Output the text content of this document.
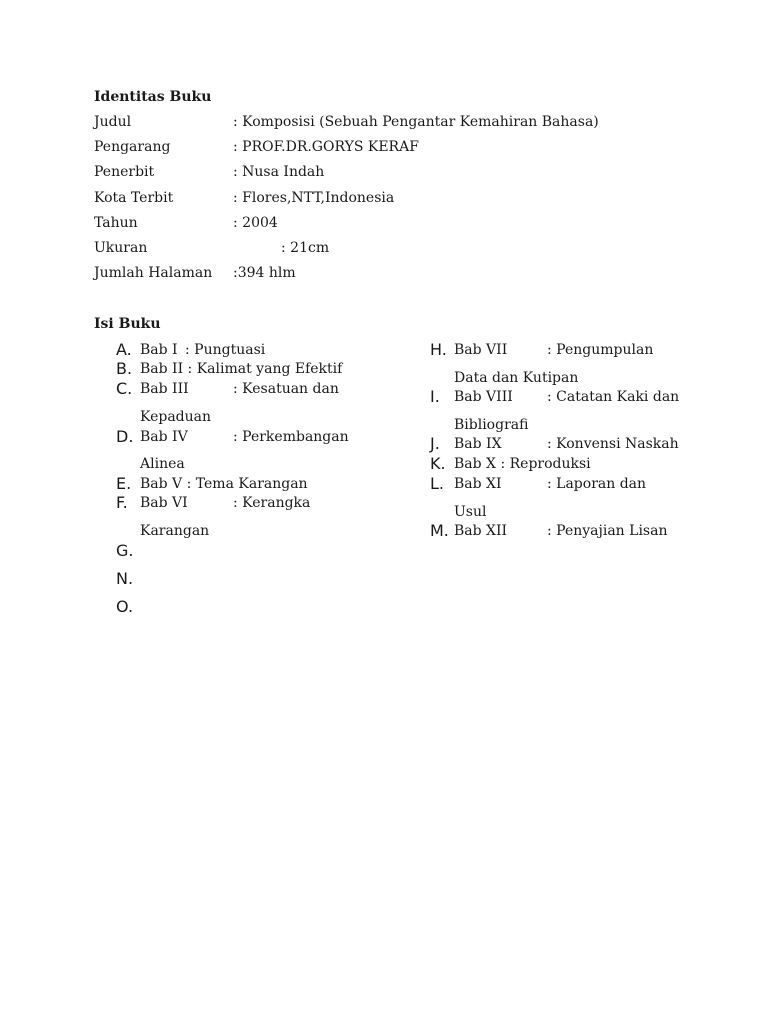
Identitas Buku
Judul	: Komposisi (Sebuah Pengantar Kemahiran Bahasa)
Pengarang	: PROF.DR.GORYS KERAF
Penerbit	: Nusa Indah
Kota Terbit	: Flores,NTT,Indonesia
Tahun	: 2004
Ukuran	: 21cm
Jumlah Halaman :394 hlm
Isi Buku
A. Bab I : Pungtuasi
B. Bab II : Kalimat yang Efektif
C. Bab III	: Kesatuan dan
Kepaduan
D. Bab IV	: Perkembangan
Alinea
E. Bab V : Tema Karangan
F. Bab VI	: Kerangka
Karangan
G.
N.
O.
H. Bab VII	: Pengumpulan
Data dan Kutipan
I. Bab VIII : Catatan Kaki dan
Bibliografi
J. Bab IX	: Konvensi Naskah
K. Bab X : Reproduksi
L. Bab XI	: Laporan dan
Usul
M. Bab XII	: Penyajian Lisan
